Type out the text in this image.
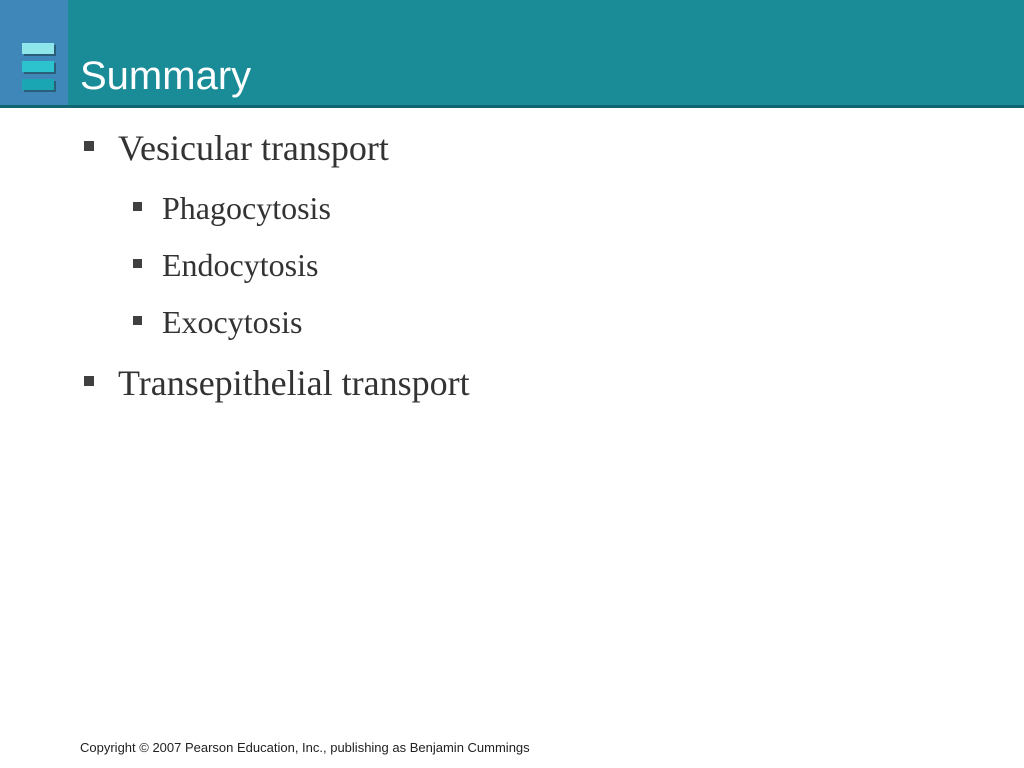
Summary
Vesicular transport
Phagocytosis
Endocytosis
Exocytosis
Transepithelial transport
Copyright © 2007 Pearson Education, Inc., publishing as Benjamin Cummings
